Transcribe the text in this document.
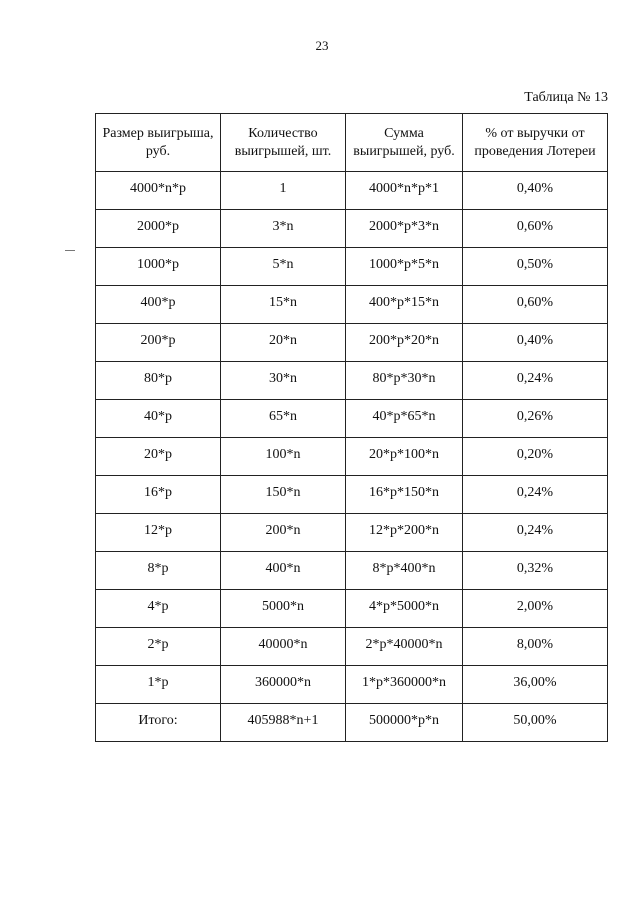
23
Таблица № 13
Размер выигрыша, руб.	Количество выигрышей, шт.	Сумма выигрышей, руб.	% от выручки от проведения Лотереи
4000*n*p	1	4000*n*p*1	0,40%
2000*p	3*n	2000*p*3*n	0,60%
1000*p	5*n	1000*p*5*n	0,50%
400*p	15*n	400*p*15*n	0,60%
200*p	20*n	200*p*20*n	0,40%
80*p	30*n	80*p*30*n	0,24%
40*p	65*n	40*p*65*n	0,26%
20*p	100*n	20*p*100*n	0,20%
16*p	150*n	16*p*150*n	0,24%
12*p	200*n	12*p*200*n	0,24%
8*p	400*n	8*p*400*n	0,32%
4*p	5000*n	4*p*5000*n	2,00%
2*p	40000*n	2*p*40000*n	8,00%
1*p	360000*n	1*p*360000*n	36,00%
Итого:	405988*n+1	500000*p*n	50,00%
